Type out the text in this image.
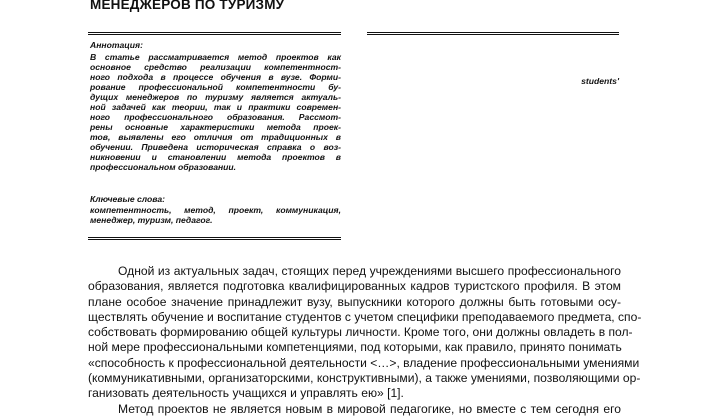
МЕНЕДЖЕРОВ ПО ТУРИЗМУ
Аннотация:
В статье рассматривается метод проектов как
основное средство реализации компетентност-
ного подхода в процессе обучения в вузе. Форми-
рование профессиональной компетентности бу-
дущих менеджеров по туризму является актуаль-
ной задачей как теории, так и практики современ-
ного профессионального образования. Рассмот-
рены основные характеристики метода проек-
тов, выявлены его отличия от традиционных в
обучении. Приведена историческая справка о воз-
никновении и становлении метода проектов в
профессиональном образовании.
Ключевые слова:
компетентность, метод, проект, коммуникация,
менеджер, туризм, педагог.
students'
Одной из актуальных задач, стоящих перед учреждениями высшего профессионального
образования, является подготовка квалифицированных кадров туристского профиля. В этом
плане особое значение принадлежит вузу, выпускники которого должны быть готовыми осу-
ществлять обучение и воспитание студентов с учетом специфики преподаваемого предмета, спо-
собствовать формированию общей культуры личности. Кроме того, они должны овладеть в пол-
ной мере профессиональными компетенциями, под которыми, как правило, принято понимать
«способность к профессиональной деятельности <…>, владение профессиональными умениями
(коммуникативными, организаторскими, конструктивными), а также умениями, позволяющими ор-
ганизовать деятельность учащихся и управлять ею» [1].
Метод проектов не является новым в мировой педагогике, но вместе с тем сегодня его
